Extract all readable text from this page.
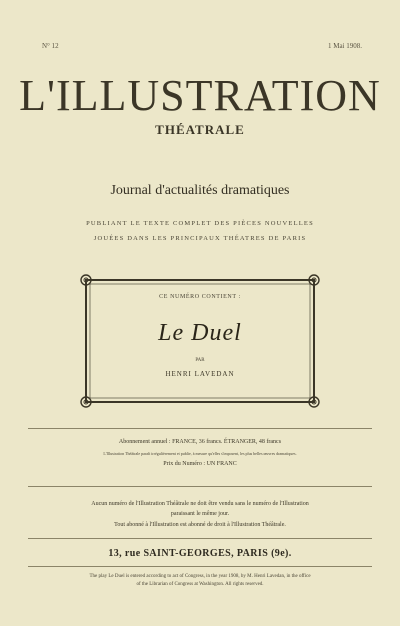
N° 12	1 Mai 1908.
L'ILLUSTRATION
THÉATRALE
Journal d'actualités dramatiques
PUBLIANT LE TEXTE COMPLET DES PIÈCES NOUVELLES
JOUÉES DANS LES PRINCIPAUX THÉATRES DE PARIS
CE NUMÉRO CONTIENT :
Le Duel
PAR
HENRI LAVEDAN
Abonnement annuel : FRANCE, 36 francs. ÉTRANGER, 48 francs
L'Illustration Théâtrale paraît irrégulièrement et publie, à mesure qu'elles s'imposent, les plus belles œuvres dramatiques.
Prix du Numéro : UN FRANC
Aucun numéro de l'Illustration Théâtrale ne doit être vendu sans le numéro de l'Illustration
paraissant le même jour.
Tout abonné à l'Illustration est abonné de droit à l'Illustration Théâtrale.
13, rue SAINT-GEORGES, PARIS (9e).
The play Le Duel is entered according to act of Congress, in the year 1908, by M. Henri Lavedan, in the office
of the Librarian of Congress at Washington. All rights reserved.
